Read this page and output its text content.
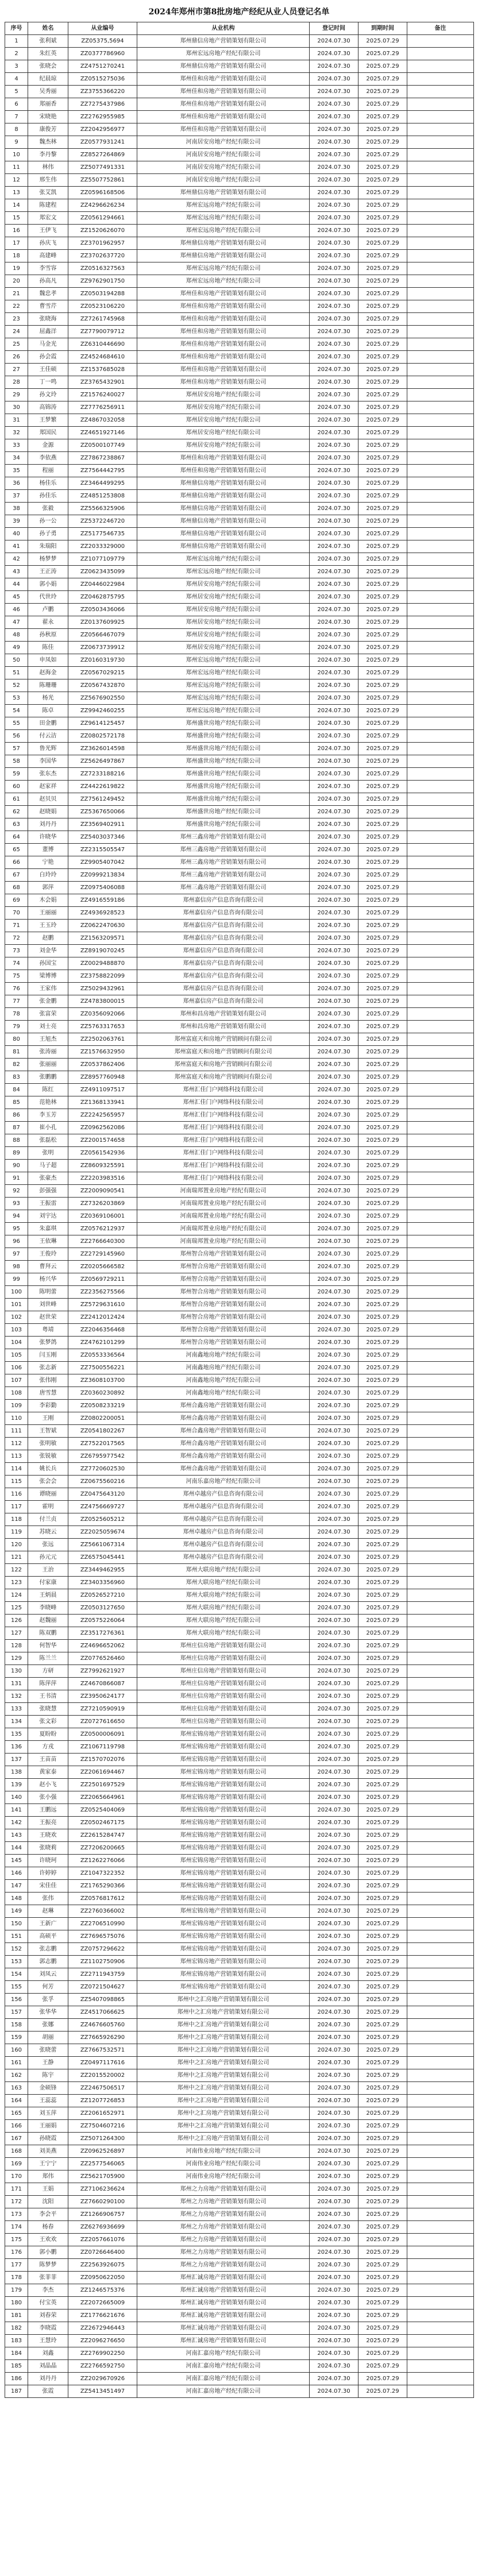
2024年郑州市第8批房地产经纪从业人员登记名单
序号	姓名	从业编号	从业机构	登记时间	到期时间	备注
1	张利斌	ZZ05375,5694	郑州鼎信房地产营销策划有限公司	2024.07.30	2025.07.29	
2	朱红英	ZZ0377786960	郑州宏远房地产经纪有限公司	2024.07.30	2025.07.29	
3	张晓会	ZZ4751270241	郑州鼎信房地产营销策划有限公司	2024.07.30	2025.07.29	
4	纪晨琼	ZZ0515275036	郑州佳和房地产营销策划有限公司	2024.07.30	2025.07.29	
5	吴秀丽	ZZ3755366220	郑州佳和房地产营销策划有限公司	2024.07.30	2025.07.29	
6	郑丽香	ZZ7275437986	郑州佳和房地产营销策划有限公司	2024.07.30	2025.07.29	
7	宋晓艳	ZZ2762955985	郑州佳和房地产营销策划有限公司	2024.07.30	2025.07.29	
8	康俊芳	ZZ2042956977	郑州佳和房地产营销策划有限公司	2024.07.30	2025.07.29	
9	魏杰林	ZZ0577931241	河南居安房地产经纪有限公司	2024.07.30	2025.07.29	
10	李丹黎	ZZ8527264869	河南居安房地产经纪有限公司	2024.07.30	2025.07.29	
11	林伟	ZZ5077491331	河南居安房地产经纪有限公司	2024.07.30	2025.07.29	
12	邢生伟	ZZ5507752861	河南居安房地产经纪有限公司	2024.07.30	2025.07.29	
13	张艾凯	ZZ0596168506	郑州鼎信房地产营销策划有限公司	2024.07.30	2025.07.29	
14	陈建程	ZZ4296626234	郑州宏远房地产经纪有限公司	2024.07.30	2025.07.29	
15	郑宏文	ZZ0561294661	郑州宏远房地产经纪有限公司	2024.07.30	2025.07.29	
16	王伊飞	ZZ1520626070	郑州宏远房地产经纪有限公司	2024.07.30	2025.07.29	
17	孙庆飞	ZZ3701962957	郑州鼎信房地产营销策划有限公司	2024.07.30	2025.07.29	
18	高建峰	ZZ3702637720	郑州鼎信房地产营销策划有限公司	2024.07.30	2025.07.29	
19	李雪容	ZZ0516327563	郑州宏远房地产经纪有限公司	2024.07.30	2025.07.29	
20	孙高凡	ZZ9762901750	郑州宏远房地产经纪有限公司	2024.07.30	2025.07.29	
21	魏忠孝	ZZ0503194288	郑州佳和房地产营销策划有限公司	2024.07.30	2025.07.29	
22	曹雪芹	ZZ0523106220	郑州佳和房地产营销策划有限公司	2024.07.30	2025.07.29	
23	张晓海	ZZ7261745968	郑州佳和房地产营销策划有限公司	2024.07.30	2025.07.29	
24	屈鑫洋	ZZ7790079712	郑州佳和房地产营销策划有限公司	2024.07.30	2025.07.29	
25	马金光	ZZ6310446690	郑州佳和房地产营销策划有限公司	2024.07.30	2025.07.29	
26	孙会霞	ZZ4524684610	郑州佳和房地产营销策划有限公司	2024.07.30	2025.07.29	
27	王佳硕	ZZ1537685028	郑州佳和房地产营销策划有限公司	2024.07.30	2025.07.29	
28	丁一鸣	ZZ3765432901	郑州佳和房地产营销策划有限公司	2024.07.30	2025.07.29	
29	孙文玲	ZZ1576240027	郑州居安房地产经纪有限公司	2024.07.30	2025.07.29	
30	高锦涛	ZZ7776256911	郑州居安房地产经纪有限公司	2024.07.30	2025.07.29	
31	王梦繁	ZZ4867032058	郑州居安房地产经纪有限公司	2024.07.30	2025.07.29	
32	郑国民	ZZ4651927146	郑州居安房地产经纪有限公司	2024.07.30	2025.07.29	
33	金源	ZZ0500107749	郑州居安房地产经纪有限公司	2024.07.30	2025.07.29	
34	李依燕	ZZ7867238867	郑州佳和房地产营销策划有限公司	2024.07.30	2025.07.29	
35	程丽	ZZ7564442795	郑州佳和房地产营销策划有限公司	2024.07.30	2025.07.29	
36	杨佳乐	ZZ3464499295	郑州鼎信房地产营销策划有限公司	2024.07.30	2025.07.29	
37	孙佳乐	ZZ4851253808	郑州鼎信房地产营销策划有限公司	2024.07.30	2025.07.29	
38	张毅	ZZ5566325906	郑州鼎信房地产营销策划有限公司	2024.07.30	2025.07.29	
39	孙一公	ZZ5372246720	郑州鼎信房地产营销策划有限公司	2024.07.30	2025.07.29	
40	孙子勇	ZZ5177546735	郑州鼎信房地产营销策划有限公司	2024.07.30	2025.07.29	
41	朱瑞阳	ZZ2033329000	郑州鼎信房地产营销策划有限公司	2024.07.30	2025.07.29	
42	杨梦梦	ZZ1077109779	郑州宏远房地产经纪有限公司	2024.07.30	2025.07.29	
43	王正涛	ZZ0623435099	郑州宏远房地产经纪有限公司	2024.07.30	2025.07.29	
44	郭小娟	ZZ0446022984	郑州居安房地产经纪有限公司	2024.07.30	2025.07.29	
45	代世玲	ZZ0462875795	郑州居安房地产经纪有限公司	2024.07.30	2025.07.29	
46	卢鹏	ZZ0503436066	郑州居安房地产经纪有限公司	2024.07.30	2025.07.29	
47	翟永	ZZ0137609925	郑州居安房地产经纪有限公司	2024.07.30	2025.07.29	
48	孙秋原	ZZ0566467079	郑州居安房地产经纪有限公司	2024.07.30	2025.07.29	
49	陈佳	ZZ0673739912	郑州居安房地产经纪有限公司	2024.07.30	2025.07.29	
50	申凤如	ZZ0160319730	郑州宏远房地产经纪有限公司	2024.07.30	2025.07.29	
51	赵海金	ZZ0567029215	郑州宏远房地产经纪有限公司	2024.07.30	2025.07.29	
52	陈珊珊	ZZ0567432870	郑州宏远房地产经纪有限公司	2024.07.30	2025.07.29	
53	杨光	ZZ5676902550	郑州宏远房地产经纪有限公司	2024.07.30	2025.07.29	
54	陈卓	ZZ9942460255	郑州宏远房地产经纪有限公司	2024.07.30	2025.07.29	
55	田金鹏	ZZ9614125457	郑州盛世房地产经纪有限公司	2024.07.30	2025.07.29	
56	付云洁	ZZ0802572178	郑州盛世房地产经纪有限公司	2024.07.30	2025.07.29	
57	鲁光辉	ZZ3626014598	郑州盛世房地产经纪有限公司	2024.07.30	2025.07.29	
58	李国华	ZZ5626497867	郑州盛世房地产经纪有限公司	2024.07.30	2025.07.29	
59	张东杰	ZZ7233188216	郑州盛世房地产经纪有限公司	2024.07.30	2025.07.29	
60	赵家祥	ZZ4422619822	郑州盛世房地产经纪有限公司	2024.07.30	2025.07.29	
61	赵贝贝	ZZ7561249452	郑州盛世房地产经纪有限公司	2024.07.30	2025.07.29	
62	赵晓娟	ZZ5367650066	郑州盛世房地产经纪有限公司	2024.07.30	2025.07.29	
63	刘丹丹	ZZ3569402911	郑州盛世房地产经纪有限公司	2024.07.30	2025.07.29	
64	许晓华	ZZ5403037346	郑州三鑫房地产营销策划有限公司	2024.07.30	2025.07.29	
65	董博	ZZ2315505547	郑州三鑫房地产营销策划有限公司	2024.07.30	2025.07.29	
66	宁艳	ZZ9905407042	郑州三鑫房地产营销策划有限公司	2024.07.30	2025.07.29	
67	白玲玲	ZZ0999213834	郑州三鑫房地产营销策划有限公司	2024.07.30	2025.07.29	
68	郭萍	ZZ0975406088	郑州三鑫房地产营销策划有限公司	2024.07.30	2025.07.29	
69	木会娟	ZZ4916559186	郑州嘉信房产信息咨询有限公司	2024.07.30	2025.07.29	
70	王丽丽	ZZ4936928523	郑州嘉信房产信息咨询有限公司	2024.07.30	2025.07.29	
71	王玉玲	ZZ0622470630	郑州嘉信房产信息咨询有限公司	2024.07.30	2025.07.29	
72	赵鹏	ZZ1563209571	郑州嘉信房产信息咨询有限公司	2024.07.30	2025.07.29	
73	刘金华	ZZ8919070245	郑州嘉信房产信息咨询有限公司	2024.07.30	2025.07.29	
74	孙国宝	ZZ0029488870	郑州嘉信房产信息咨询有限公司	2024.07.30	2025.07.29	
75	梁博博	ZZ3758822099	郑州嘉信房产信息咨询有限公司	2024.07.30	2025.07.29	
76	王家伟	ZZ5029432961	郑州嘉信房产信息咨询有限公司	2024.07.30	2025.07.29	
77	张金鹏	ZZ4783800015	郑州嘉信房产信息咨询有限公司	2024.07.30	2025.07.29	
78	张富荣	ZZ0356092066	郑州和昌房地产营销策划有限公司	2024.07.30	2025.07.29	
79	刘士亮	ZZ5763317653	郑州和昌房地产营销策划有限公司	2024.07.30	2025.07.29	
80	王旭杰	ZZ2502063761	郑州富庭天和房地产营销顾问有限公司	2024.07.30	2025.07.29	
81	张涛丽	ZZ1576632950	郑州富庭天和房地产营销顾问有限公司	2024.07.30	2025.07.29	
82	张丽丽	ZZ0537862406	郑州富庭天和房地产营销顾问有限公司	2024.07.30	2025.07.29	
83	张鹏鹏	ZZ8957760948	郑州富庭天和房地产营销顾问有限公司	2024.07.30	2025.07.29	
84	陈红	ZZ4911097517	郑州汇佳门户网络科技有限公司	2024.07.30	2025.07.29	
85	范艳林	ZZ1368133941	郑州汇佳门户网络科技有限公司	2024.07.30	2025.07.29	
86	李玉芳	ZZ2242565957	郑州汇佳门户网络科技有限公司	2024.07.30	2025.07.29	
87	崔小孔	ZZ0962562086	郑州汇佳门户网络科技有限公司	2024.07.30	2025.07.29	
88	张磊松	ZZ2001574658	郑州汇佳门户网络科技有限公司	2024.07.30	2025.07.29	
89	张明	ZZ0561542936	郑州汇佳门户网络科技有限公司	2024.07.30	2025.07.29	
90	马子超	ZZ8609325591	郑州汇佳门户网络科技有限公司	2024.07.30	2025.07.29	
91	张豪杰	ZZ2203983516	郑州汇佳门户网络科技有限公司	2024.07.30	2025.07.29	
92	彭强强	ZZ2009090541	河南瑞邦置业房地产经纪有限公司	2024.07.30	2025.07.29	
93	王振雷	ZZ7326203869	河南瑞邦置业房地产经纪有限公司	2024.07.30	2025.07.29	
94	刘宇达	ZZ0369106001	河南瑞邦置业房地产经纪有限公司	2024.07.30	2025.07.29	
95	朱嘉琪	ZZ0576212937	河南瑞邦置业房地产经纪有限公司	2024.07.30	2025.07.29	
96	王依琳	ZZ2766640300	河南瑞邦置业房地产经纪有限公司	2024.07.30	2025.07.29	
97	王俊玲	ZZ2729145960	郑州智合房地产营销策划有限公司	2024.07.30	2025.07.29	
98	曹拜云	ZZ0205666582	郑州智合房地产营销策划有限公司	2024.07.30	2025.07.29	
99	杨兴华	ZZ0569729211	郑州智合房地产营销策划有限公司	2024.07.30	2025.07.29	
100	陈明蕾	ZZ2356275566	郑州智合房地产营销策划有限公司	2024.07.30	2025.07.29	
101	刘世峰	ZZ5729631610	郑州智合房地产营销策划有限公司	2024.07.30	2025.07.29	
102	赵世荣	ZZ2412012424	郑州智合房地产营销策划有限公司	2024.07.30	2025.07.29	
103	粤靖	ZZ2046356468	郑州智合房地产营销策划有限公司	2024.07.30	2025.07.29	
104	张梦鸽	ZZ4762101299	郑州智合房地产营销策划有限公司	2024.07.30	2025.07.29	
105	闫玉刚	ZZ0553336564	河南鑫地房地产经纪有限公司	2024.07.30	2025.07.29	
106	张志新	ZZ7500556221	河南鑫地房地产经纪有限公司	2024.07.30	2025.07.29	
107	张伟刚	ZZ3608103700	河南鑫地房地产经纪有限公司	2024.07.30	2025.07.29	
108	唐雪慧	ZZ0360230892	河南鑫地房地产经纪有限公司	2024.07.30	2025.07.29	
109	李彩勤	ZZ0508233219	郑州合鑫房地产营销策划有限公司	2024.07.30	2025.07.29	
110	王刚	ZZ0802200051	郑州合鑫房地产营销策划有限公司	2024.07.30	2025.07.29	
111	王智斌	ZZ0541802267	郑州合鑫房地产营销策划有限公司	2024.07.30	2025.07.29	
112	张明敏	ZZ7522017565	郑州合鑫房地产营销策划有限公司	2024.07.30	2025.07.29	
113	张锐敏	ZZ6795977542	郑州合鑫房地产营销策划有限公司	2024.07.30	2025.07.29	
114	姚长兵	ZZ7720602530	郑州合鑫房地产营销策划有限公司	2024.07.30	2025.07.29	
115	张会会	ZZ0675560216	河南乐嘉房地产经纪有限公司	2024.07.30	2025.07.29	
116	谭晓丽	ZZ0475643120	郑州卓越房产信息咨询有限公司	2024.07.30	2025.07.29	
117	霍明	ZZ4756669727	郑州卓越房产信息咨询有限公司	2024.07.30	2025.07.29	
118	付兰贞	ZZ0525605212	郑州卓越房产信息咨询有限公司	2024.07.30	2025.07.29	
119	苏晓云	ZZ2025059674	郑州卓越房产信息咨询有限公司	2024.07.30	2025.07.29	
120	张远	ZZ5661067314	郑州卓越房产信息咨询有限公司	2024.07.30	2025.07.29	
121	孙元元	ZZ6575045441	郑州卓越房产信息咨询有限公司	2024.07.30	2025.07.29	
122	王治	ZZ3449462955	郑州大联房地产经纪有限公司	2024.07.30	2025.07.29	
123	付家康	ZZ3403356960	郑州大联房地产经纪有限公司	2024.07.30	2025.07.29	
124	王炳晨	ZZ0526527210	郑州大联房地产经纪有限公司	2024.07.30	2025.07.29	
125	李晓峰	ZZ0503127650	郑州大联房地产经纪有限公司	2024.07.30	2025.07.29	
126	赵魏丽	ZZ0575226064	郑州大联房地产经纪有限公司	2024.07.30	2025.07.29	
127	陈双鹏	ZZ3517276361	郑州大联房地产经纪有限公司	2024.07.30	2025.07.29	
128	何智华	ZZ4696652062	郑州庄信房地产营销策划有限公司	2024.07.30	2025.07.29	
129	陈兰兰	ZZ0776526460	郑州庄信房地产营销策划有限公司	2024.07.30	2025.07.29	
130	方研	ZZ7992621927	郑州庄信房地产营销策划有限公司	2024.07.30	2025.07.29	
131	陈萍萍	ZZ4670866087	郑州庄信房地产营销策划有限公司	2024.07.30	2025.07.29	
132	王书清	ZZ3950624177	郑州庄信房地产营销策划有限公司	2024.07.30	2025.07.29	
133	张晓慧	ZZ7210590919	郑州庄信房地产营销策划有限公司	2024.07.30	2025.07.29	
134	张文彩	ZZ0727616650	郑州庄信房地产营销策划有限公司	2024.07.30	2025.07.29	
135	夏盼盼	ZZ0500006091	郑州宏锦房地产营销策划有限公司	2024.07.30	2025.07.29	
136	方戎	ZZ1067119798	郑州宏锦房地产营销策划有限公司	2024.07.30	2025.07.29	
137	王苗苗	ZZ1570702076	郑州宏锦房地产营销策划有限公司	2024.07.30	2025.07.29	
138	黄家泰	ZZ2061694467	郑州宏锦房地产营销策划有限公司	2024.07.30	2025.07.29	
139	赵小飞	ZZ2501697529	郑州宏锦房地产营销策划有限公司	2024.07.30	2025.07.29	
140	张小强	ZZ2065664961	郑州宏锦房地产营销策划有限公司	2024.07.30	2025.07.29	
141	王鹏远	ZZ0525404069	郑州宏锦房地产营销策划有限公司	2024.07.30	2025.07.29	
142	王振亮	ZZ0502467175	郑州宏锦房地产营销策划有限公司	2024.07.30	2025.07.29	
143	王晓欢	ZZ2615284747	郑州宏锦房地产营销策划有限公司	2024.07.30	2025.07.29	
144	张晓莉	ZZ7206200665	郑州宏锦房地产营销策划有限公司	2024.07.30	2025.07.29	
145	许晓珂	ZZ1262276066	郑州宏锦房地产营销策划有限公司	2024.07.30	2025.07.29	
146	许婷婷	ZZ1047322352	郑州宏锦房地产营销策划有限公司	2024.07.30	2025.07.29	
147	宋佳佳	ZZ1765290366	郑州宏锦房地产营销策划有限公司	2024.07.30	2025.07.29	
148	张伟	ZZ0576817612	郑州宏锦房地产营销策划有限公司	2024.07.30	2025.07.29	
149	赵琳	ZZ2760366002	郑州宏锦房地产营销策划有限公司	2024.07.30	2025.07.29	
150	王新广	ZZ2706510990	郑州宏锦房地产营销策划有限公司	2024.07.30	2025.07.29	
151	高硕平	ZZ7696575076	郑州宏锦房地产营销策划有限公司	2024.07.30	2025.07.29	
152	张志鹏	ZZ0757296622	郑州宏锦房地产营销策划有限公司	2024.07.30	2025.07.29	
153	郭志鹏	ZZ1102750906	郑州宏锦房地产营销策划有限公司	2024.07.30	2025.07.29	
154	刘凤云	ZZ2711943759	郑州宏锦房地产营销策划有限公司	2024.07.30	2025.07.29	
155	何芳	ZZ0721504627	郑州宏锦房地产营销策划有限公司	2024.07.30	2025.07.29	
156	张孚	ZZ5407098865	郑州中之汇房地产营销策划有限公司	2024.07.30	2025.07.29	
157	张华华	ZZ4517066625	郑州中之汇房地产营销策划有限公司	2024.07.30	2025.07.29	
158	张娜	ZZ4676605760	郑州中之汇房地产营销策划有限公司	2024.07.30	2025.07.29	
159	胡丽	ZZ7665926290	郑州中之汇房地产营销策划有限公司	2024.07.30	2025.07.29	
160	张晓蕾	ZZ7667532571	郑州中之汇房地产营销策划有限公司	2024.07.30	2025.07.29	
161	王静	ZZ0497117616	郑州中之汇房地产营销策划有限公司	2024.07.30	2025.07.29	
162	陈宇	ZZ2015520002	郑州中之汇房地产营销策划有限公司	2024.07.30	2025.07.29	
163	金硕锋	ZZ2467506517	郑州中之汇房地产营销策划有限公司	2024.07.30	2025.07.29	
164	王蕊蕊	ZZ1207726853	郑州中之汇房地产营销策划有限公司	2024.07.30	2025.07.29	
165	刘玉萍	ZZ2061652971	郑州中之汇房地产营销策划有限公司	2024.07.30	2025.07.29	
166	王丽娟	ZZ7504607216	郑州中之汇房地产营销策划有限公司	2024.07.30	2025.07.29	
167	孙晓霞	ZZ5071264300	郑州中之汇房地产营销策划有限公司	2024.07.30	2025.07.29	
168	刘美燕	ZZ0962526897	河南伟业房地产经纪有限公司	2024.07.30	2025.07.29	
169	王宁宁	ZZ2577546065	河南伟业房地产经纪有限公司	2024.07.30	2025.07.29	
170	郑伟	ZZ5621705900	河南伟业房地产经纪有限公司	2024.07.30	2025.07.29	
171	王娟	ZZ7106236624	郑州之力房地产营销策划有限公司	2024.07.30	2025.07.29	
172	沈阳	ZZ7660290100	郑州之力房地产营销策划有限公司	2024.07.30	2025.07.29	
173	李会平	ZZ1266906757	郑州之力房地产营销策划有限公司	2024.07.30	2025.07.29	
174	杨春	ZZ6276936699	郑州之力房地产营销策划有限公司	2024.07.30	2025.07.29	
175	王欢欢	ZZ2057661076	郑州之力房地产营销策划有限公司	2024.07.30	2025.07.29	
176	郭小鹏	ZZ0726646400	郑州之力房地产营销策划有限公司	2024.07.30	2025.07.29	
177	陈梦梦	ZZ2563926075	郑州之力房地产营销策划有限公司	2024.07.30	2025.07.29	
178	张菲菲	ZZ0950622050	郑州汇诚房地产营销策划有限公司	2024.07.30	2025.07.29	
179	李杰	ZZ1246575376	郑州汇诚房地产营销策划有限公司	2024.07.30	2025.07.29	
180	付宝英	ZZ2072665009	郑州汇诚房地产营销策划有限公司	2024.07.30	2025.07.29	
181	刘春荣	ZZ1776621676	郑州汇诚房地产营销策划有限公司	2024.07.30	2025.07.29	
182	李晓霞	ZZ2672946443	郑州汇诚房地产营销策划有限公司	2024.07.30	2025.07.29	
183	王慧玲	ZZ2096276650	郑州汇诚房地产营销策划有限公司	2024.07.30	2025.07.29	
184	刘鑫	ZZ2769902250	河南汇嘉房地产经纪有限公司	2024.07.30	2025.07.29	
185	刘晶晶	ZZ2766592750	河南汇嘉房地产经纪有限公司	2024.07.30	2025.07.29	
186	刘丹丹	ZZ2029670926	河南汇嘉房地产经纪有限公司	2024.07.30	2025.07.29	
187	张霞	ZZ5413451497	河南汇嘉房地产经纪有限公司	2024.07.30	2025.07.29	
